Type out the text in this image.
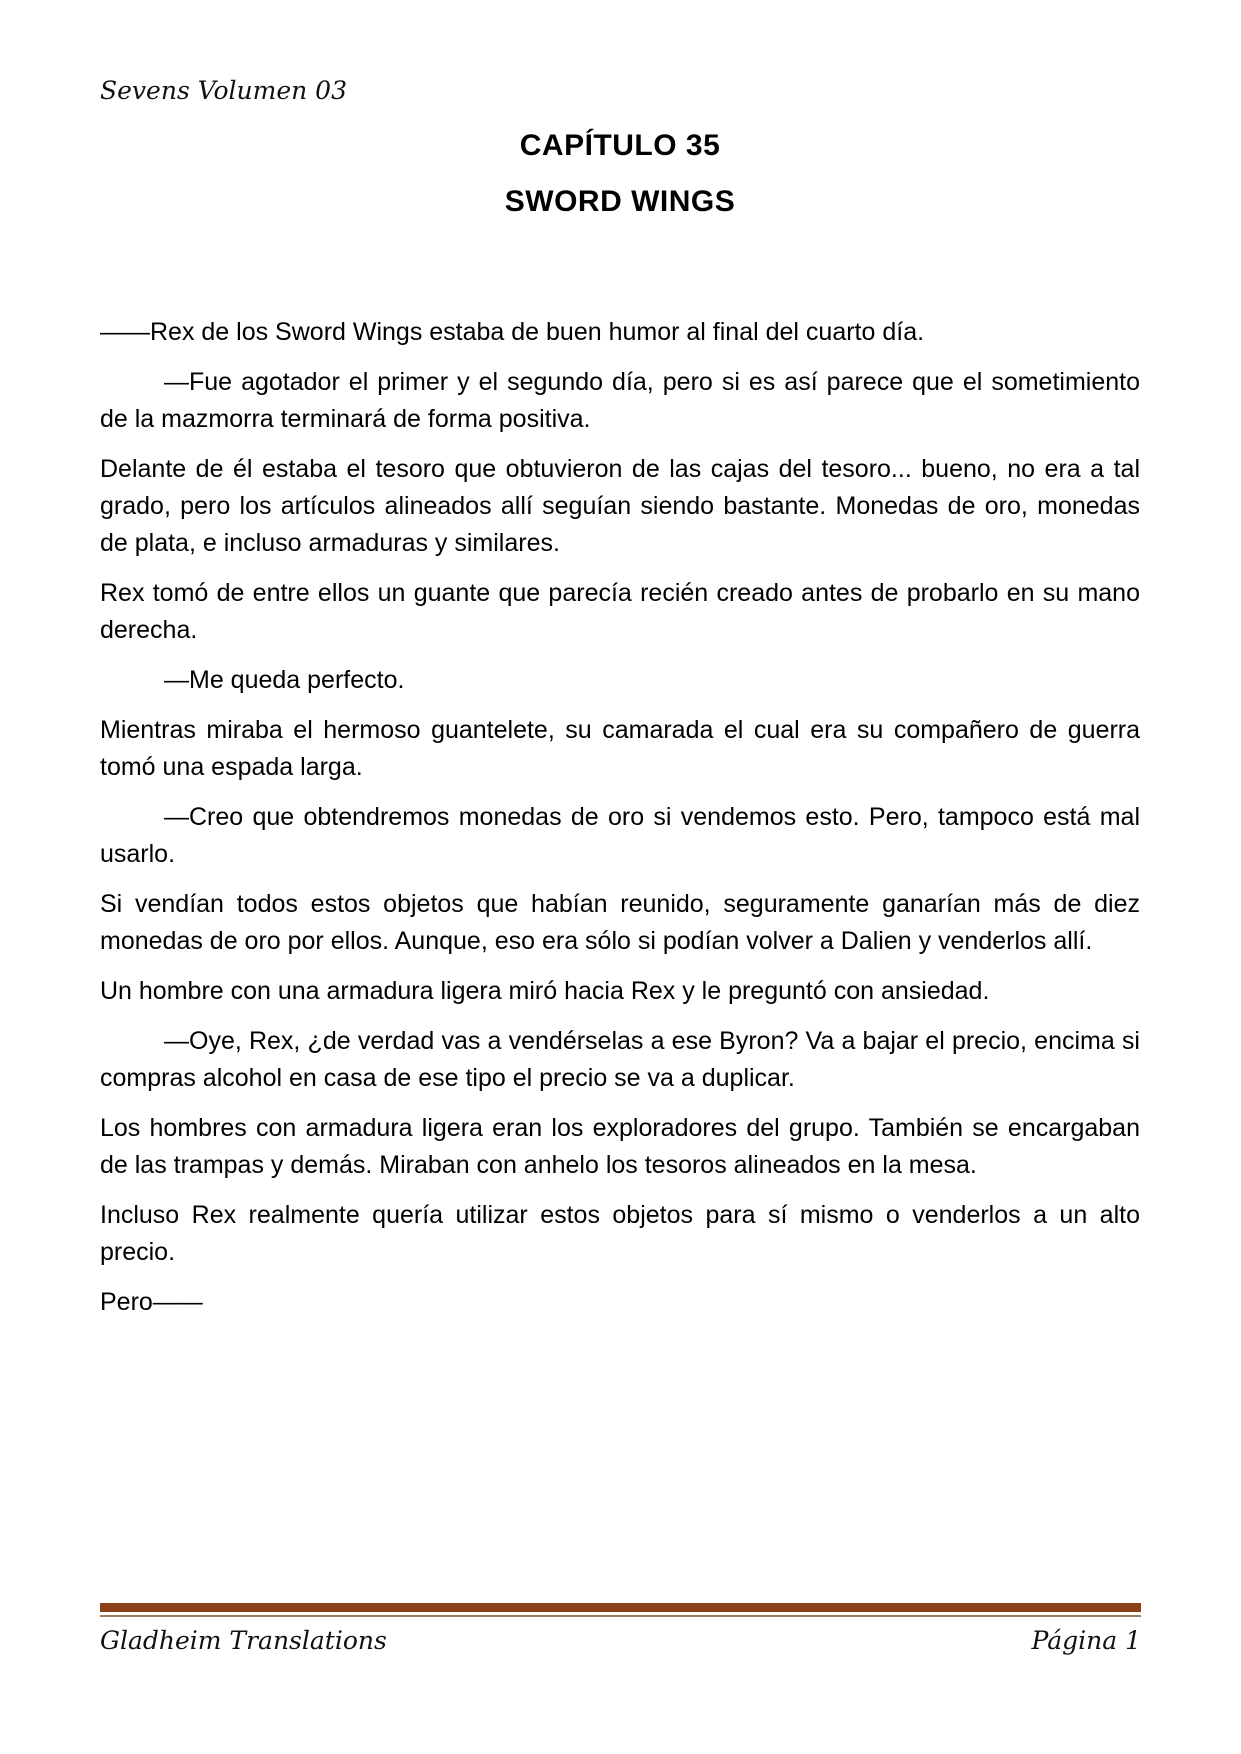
Sevens Volumen 03
CAPÍTULO 35
SWORD WINGS

——Rex de los Sword Wings estaba de buen humor al final del cuarto día.

—Fue agotador el primer y el segundo día, pero si es así parece que el sometimiento de la mazmorra terminará de forma positiva.

Delante de él estaba el tesoro que obtuvieron de las cajas del tesoro... bueno, no era a tal grado, pero los artículos alineados allí seguían siendo bastante. Monedas de oro, monedas de plata, e incluso armaduras y similares.

Rex tomó de entre ellos un guante que parecía recién creado antes de probarlo en su mano derecha.

—Me queda perfecto.

Mientras miraba el hermoso guantelete, su camarada el cual era su compañero de guerra tomó una espada larga.

—Creo que obtendremos monedas de oro si vendemos esto. Pero, tampoco está mal usarlo.

Si vendían todos estos objetos que habían reunido, seguramente ganarían más de diez monedas de oro por ellos. Aunque, eso era sólo si podían volver a Dalien y venderlos allí.

Un hombre con una armadura ligera miró hacia Rex y le preguntó con ansiedad.

—Oye, Rex, ¿de verdad vas a vendérselas a ese Byron? Va a bajar el precio, encima si compras alcohol en casa de ese tipo el precio se va a duplicar.

Los hombres con armadura ligera eran los exploradores del grupo. También se encargaban de las trampas y demás. Miraban con anhelo los tesoros alineados en la mesa.

Incluso Rex realmente quería utilizar estos objetos para sí mismo o venderlos a un alto precio.

Pero——

Gladheim Translations	Página 1
